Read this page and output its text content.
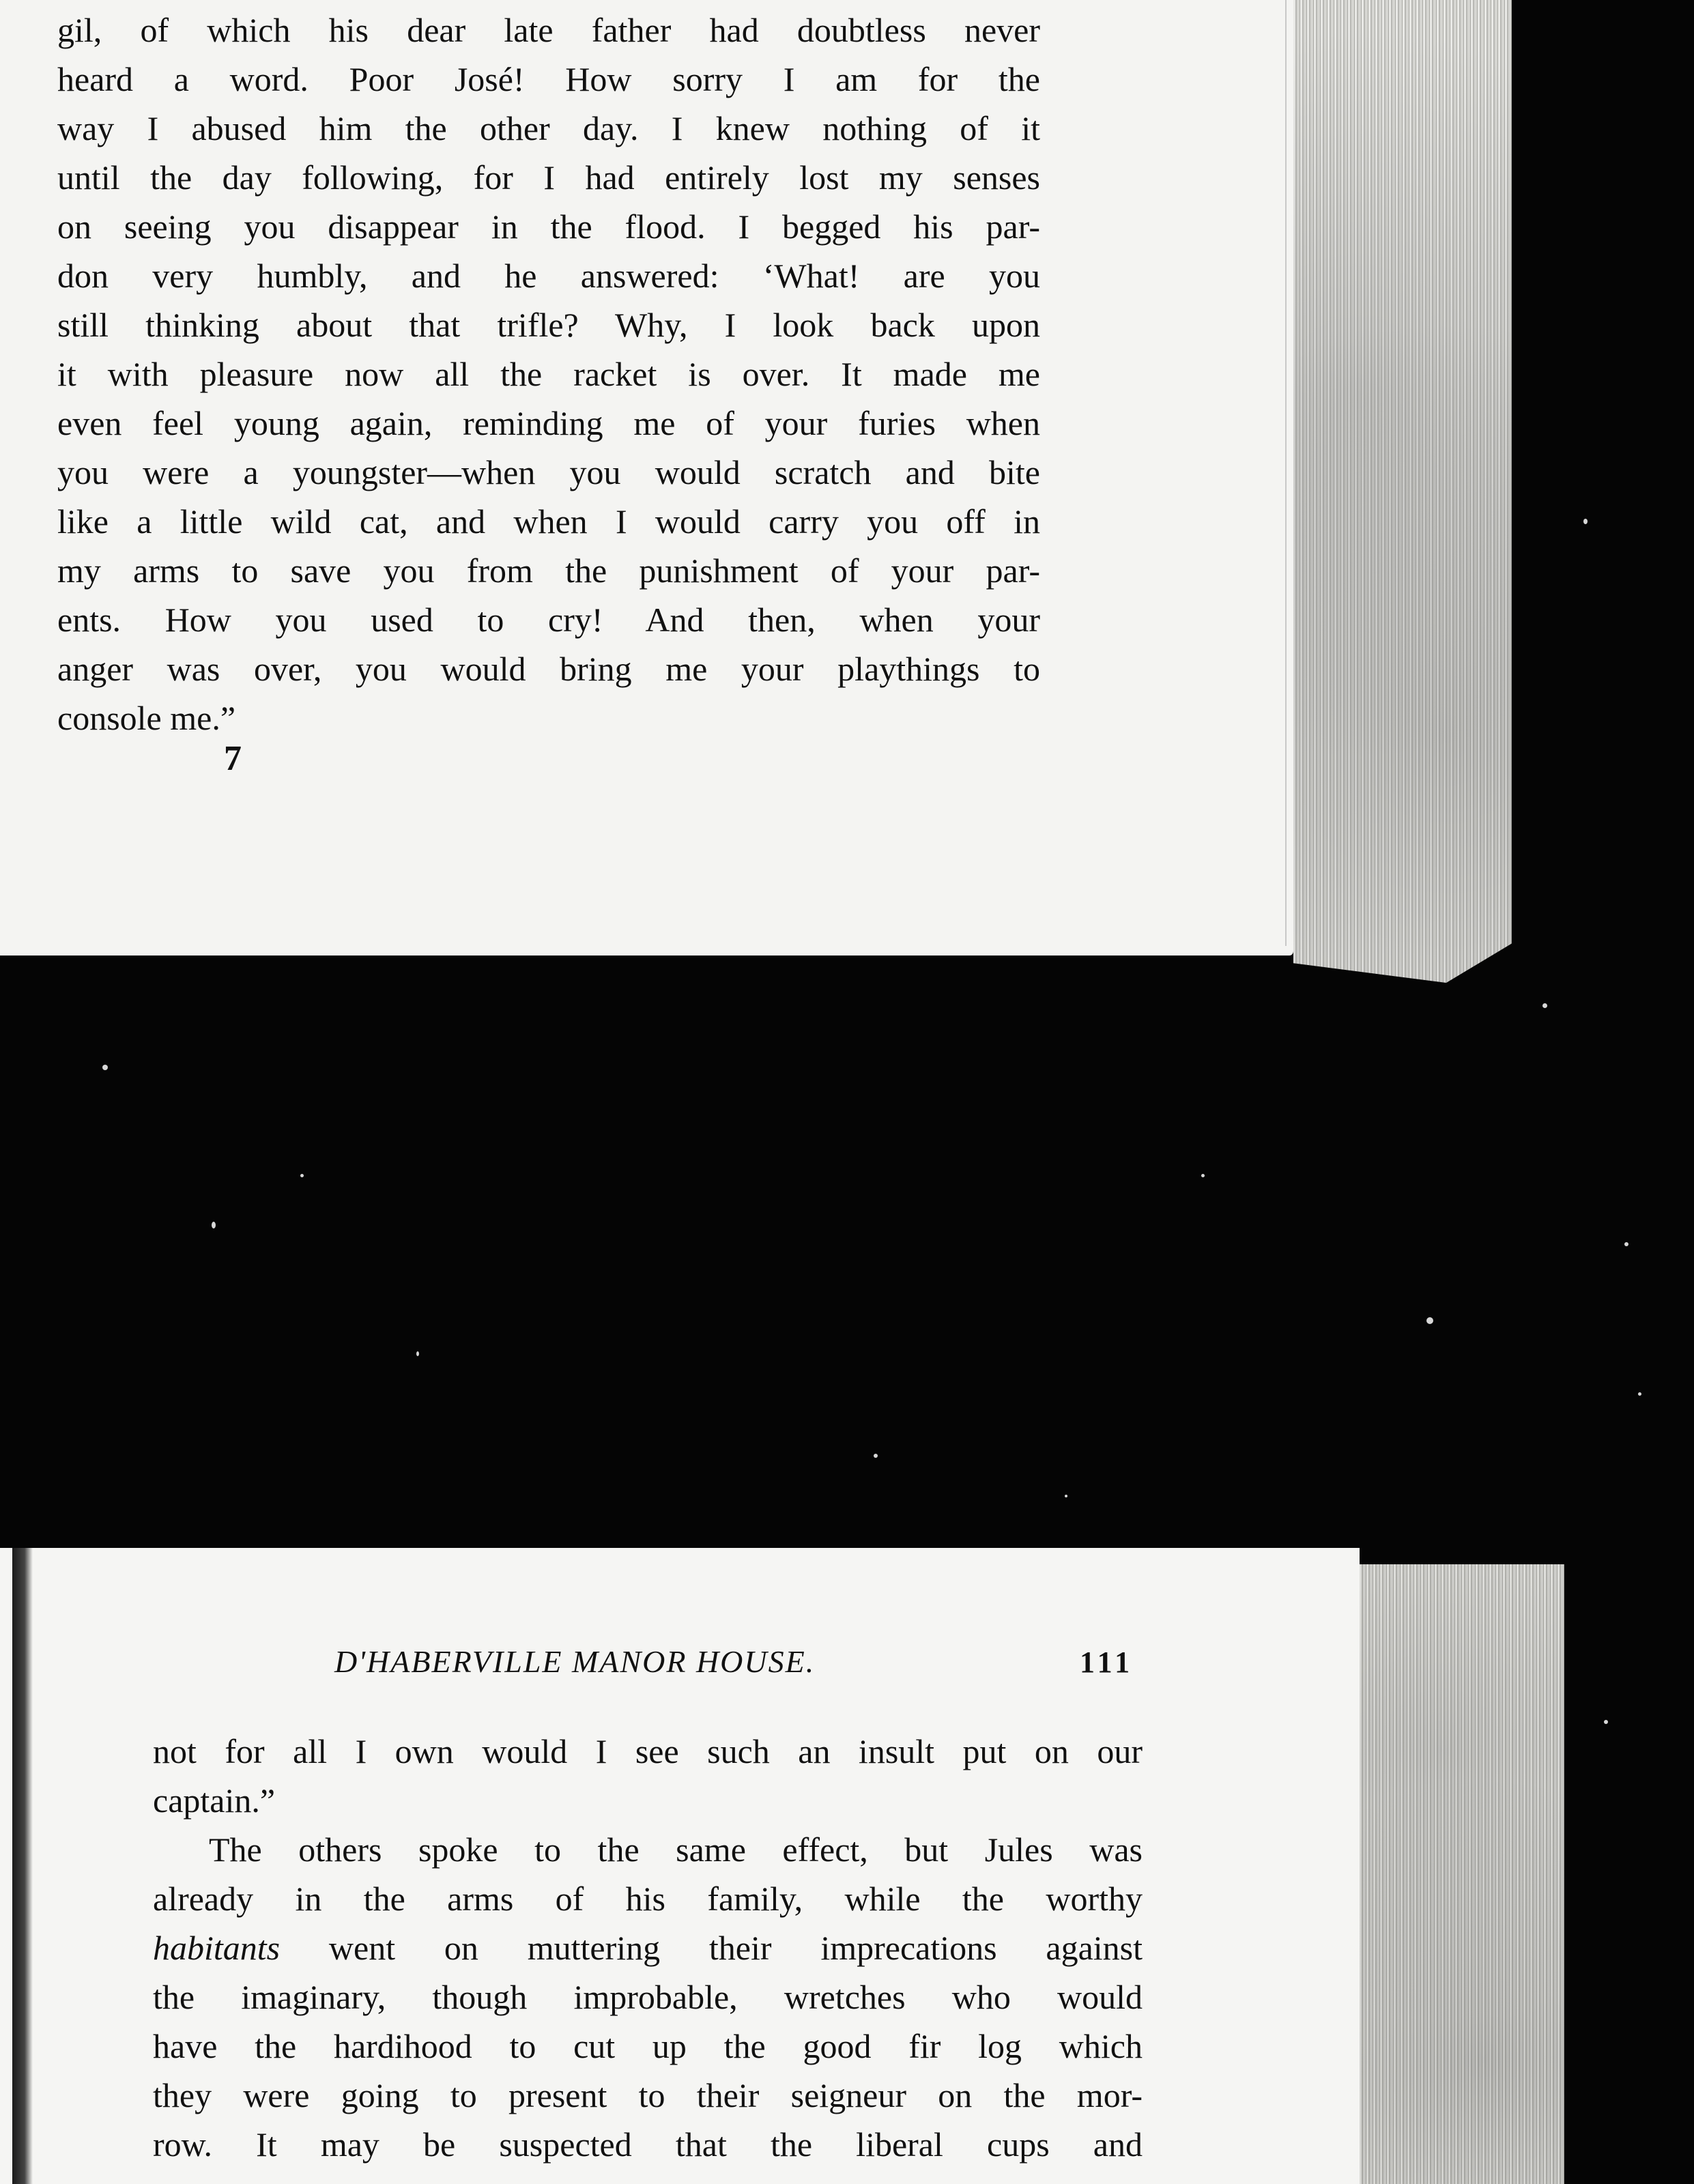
gil, of which his dear late father had doubtless never
heard a word. Poor José! How sorry I am for the
way I abused him the other day. I knew nothing of it
until the day following, for I had entirely lost my senses
on seeing you disappear in the flood. I begged his par-
don very humbly, and he answered: ‘What! are you
still thinking about that trifle? Why, I look back upon
it with pleasure now all the racket is over. It made me
even feel young again, reminding me of your furies when
you were a youngster—when you would scratch and bite
like a little wild cat, and when I would carry you off in
my arms to save you from the punishment of your par-
ents. How you used to cry! And then, when your
anger was over, you would bring me your playthings to
console me.”
7
D'HABERVILLE MANOR HOUSE.	111
not for all I own would I see such an insult put on our
captain.”
The others spoke to the same effect, but Jules was
already in the arms of his family, while the worthy
habitants went on muttering their imprecations against
the imaginary, though improbable, wretches who would
have the hardihood to cut up the good fir log which
they were going to present to their seigneur on the mor-
row. It may be suspected that the liberal cups and
